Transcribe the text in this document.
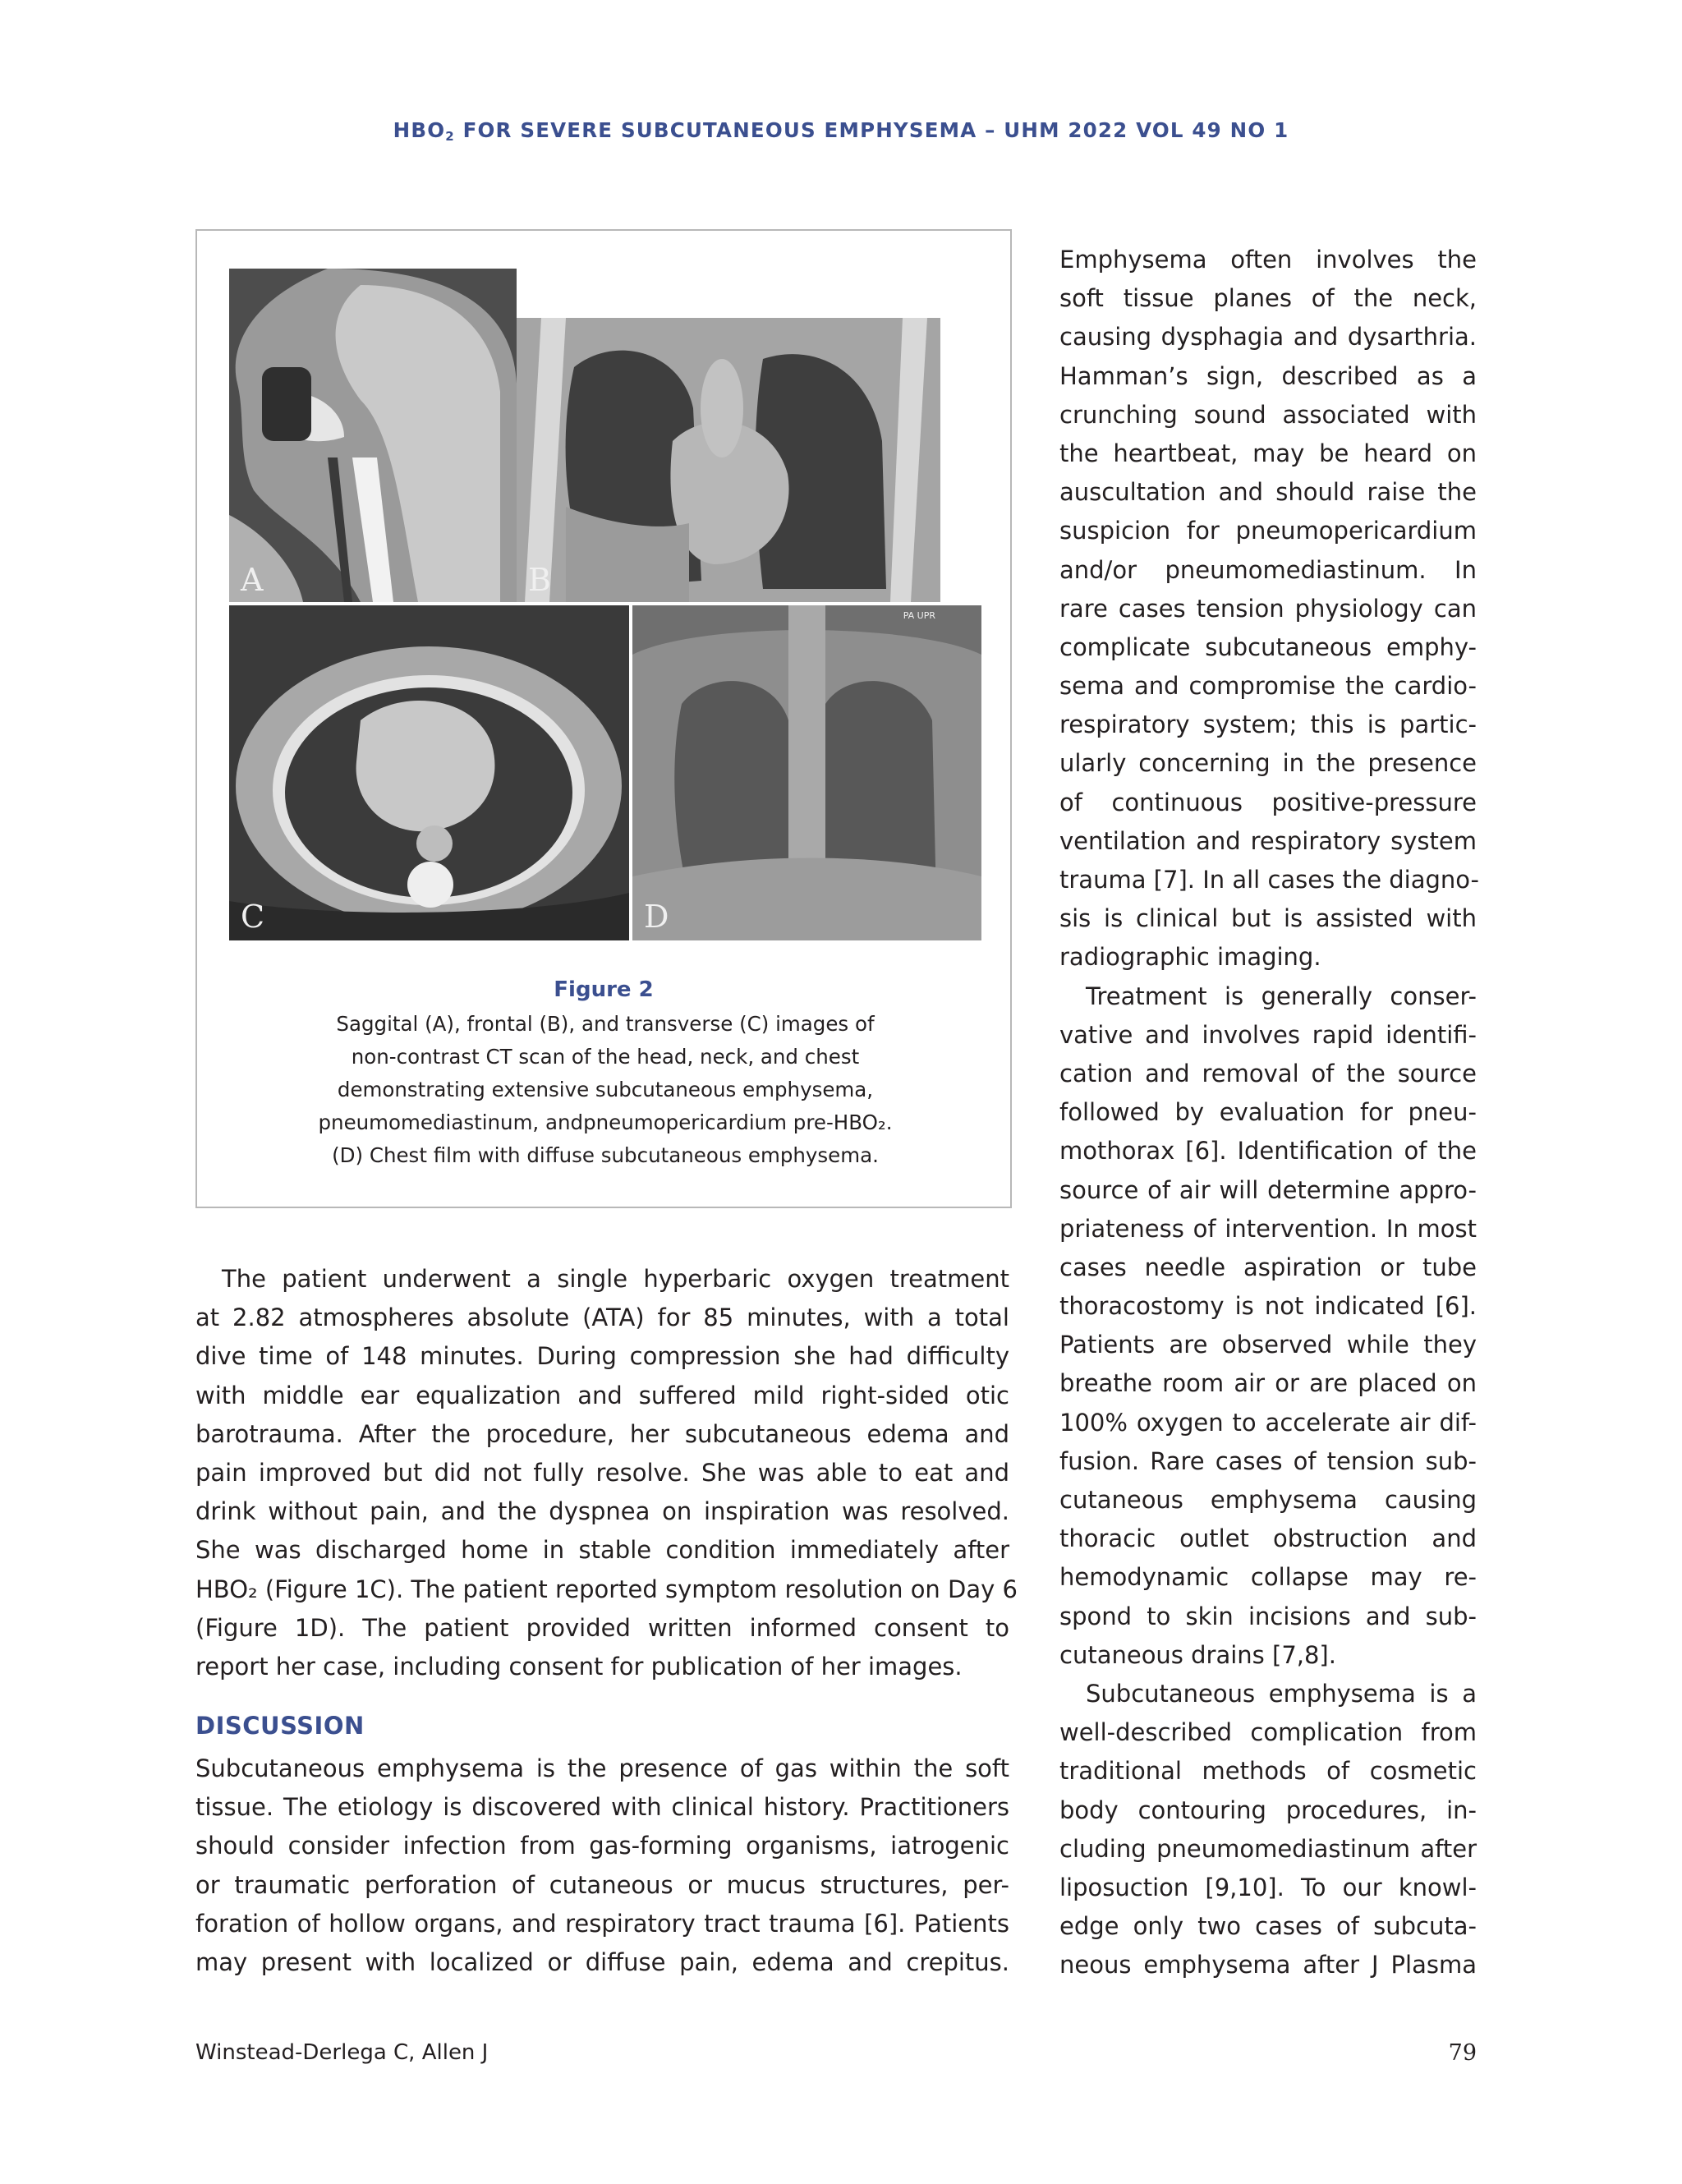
$HBO_2$ FOR SEVERE SUBCUTANEOUS EMPHYSEMA – UHM 2022 VOL 49 NO 1
A	B
C
PA UPR
D
Figure 2
Saggital (A), frontal (B), and transverse (C) images of
non-contrast CT scan of the head, neck, and chest
demonstrating extensive subcutaneous emphysema,
pneumomediastinum, andpneumopericardium pre-HBO₂.
(D) Chest film with diffuse subcutaneous emphysema.
The patient underwent a single hyperbaric oxygen treatment
at 2.82 atmospheres absolute (ATA) for 85 minutes, with a total
dive time of 148 minutes. During compression she had difficulty
with middle ear equalization and suffered mild right-sided otic
barotrauma. After the procedure, her subcutaneous edema and
pain improved but did not fully resolve. She was able to eat and
drink without pain, and the dyspnea on inspiration was resolved.
She was discharged home in stable condition immediately after
HBO₂ (Figure 1C). The patient reported symptom resolution on Day 6
(Figure 1D). The patient provided written informed consent to
report her case, including consent for publication of her images.
DISCUSSION
Subcutaneous emphysema is the presence of gas within the soft
tissue. The etiology is discovered with clinical history. Practitioners
should consider infection from gas-forming organisms, iatrogenic
or traumatic perforation of cutaneous or mucus structures, per-
foration of hollow organs, and respiratory tract trauma [6]. Patients
may present with localized or diffuse pain, edema and crepitus.
Emphysema often involves the
soft tissue planes of the neck,
causing dysphagia and dysarthria.
Hamman’s sign, described as a
crunching sound associated with
the heartbeat, may be heard on
auscultation and should raise the
suspicion for pneumopericardium
and/or pneumomediastinum. In
rare cases tension physiology can
complicate subcutaneous emphy-
sema and compromise the cardio-
respiratory system; this is partic-
ularly concerning in the presence
of continuous positive-pressure
ventilation and respiratory system
trauma [7]. In all cases the diagno-
sis is clinical but is assisted with
radiographic imaging.
Treatment is generally conser-
vative and involves rapid identifi-
cation and removal of the source
followed by evaluation for pneu-
mothorax [6]. Identification of the
source of air will determine appro-
priateness of intervention. In most
cases needle aspiration or tube
thoracostomy is not indicated [6].
Patients are observed while they
breathe room air or are placed on
100% oxygen to accelerate air dif-
fusion. Rare cases of tension sub-
cutaneous emphysema causing
thoracic outlet obstruction and
hemodynamic collapse may re-
spond to skin incisions and sub-
cutaneous drains [7,8].
Subcutaneous emphysema is a
well-described complication from
traditional methods of cosmetic
body contouring procedures, in-
cluding pneumomediastinum after
liposuction [9,10]. To our knowl-
edge only two cases of subcuta-
neous emphysema after J Plasma
Winstead-Derlega C, Allen J	79
